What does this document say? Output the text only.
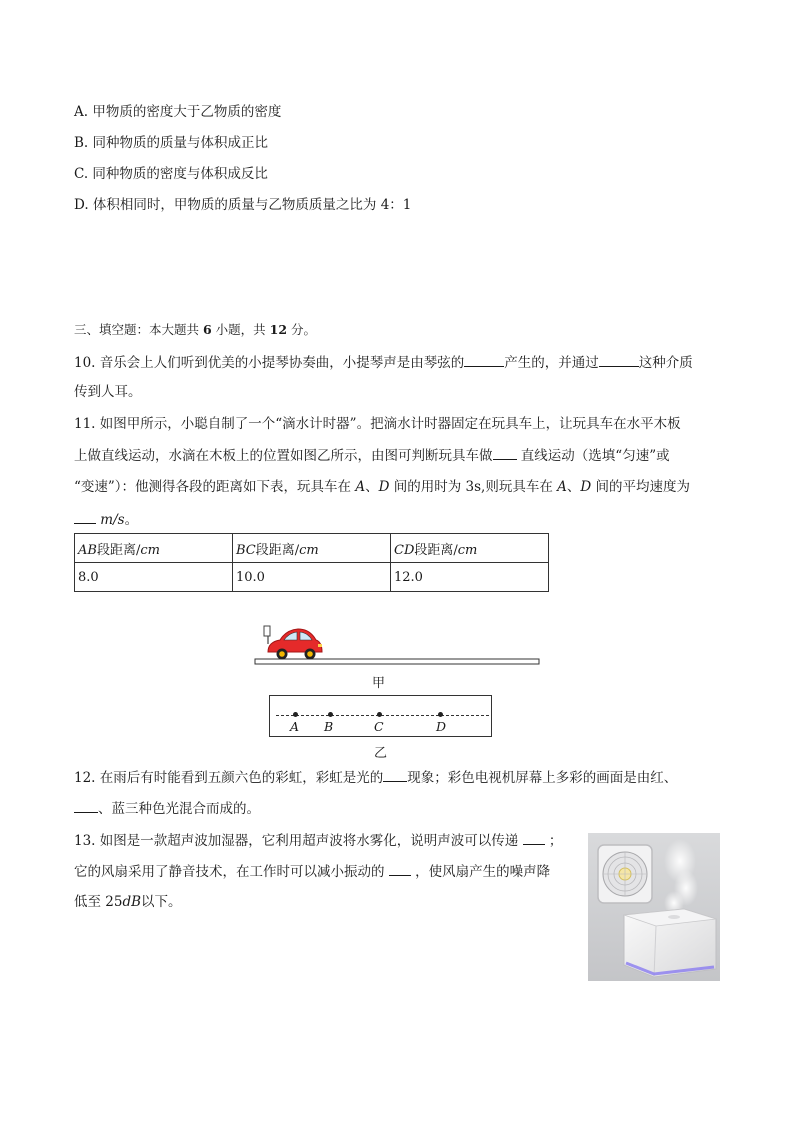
A. 甲物质的密度大于乙物质的密度
B. 同种物质的质量与体积成正比
C. 同种物质的密度与体积成反比
D. 体积相同时，甲物质的质量与乙物质质量之比为 4：1
三、填空题：本大题共 6 小题，共 12 分。
10. 音乐会上人们听到优美的小提琴协奏曲，小提琴声是由琴弦的	产生的，并通过	这种介质
传到人耳。
11. 如图甲所示，小聪自制了一个“滴水计时器”。把滴水计时器固定在玩具车上，让玩具车在水平木板
上做直线运动，水滴在木板上的位置如图乙所示，由图可判断玩具车做 直线运动（选填“匀速”或
“变速”）：他测得各段的距离如下表，玩具车在 A、D 间的用时为 3s,则玩具车在 A、D 间的平均速度为
m/s。
AB段距离/cm	BC段距离/cm	CD段距离/cm
8.0	10.0	12.0
甲
A B	C	D
乙
12. 在雨后有时能看到五颜六色的彩虹，彩虹是光的 现象；彩色电视机屏幕上多彩的画面是由红、
、蓝三种色光混合而成的。
13. 如图是一款超声波加湿器，它利用超声波将水雾化，说明声波可以传递  ；
它的风扇采用了静音技术，在工作时可以减小振动的  ，使风扇产生的噪声降
低至 25dB以下。
